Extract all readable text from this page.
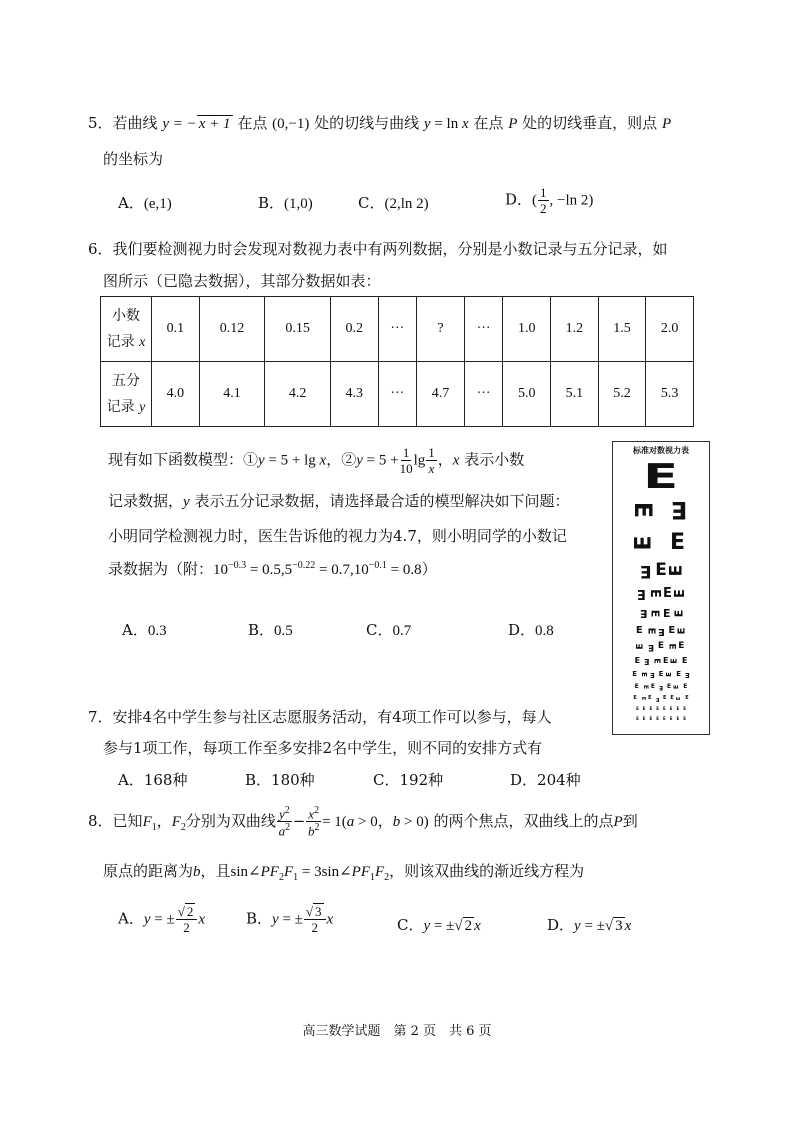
5．若曲线 y = − x + 1 在点 (0,−1) 处的切线与曲线 y = ln x 在点 P 处的切线垂直，则点 P
的坐标为
A．(e,1)	B．(1,0)	C．(2,ln 2)	D．( $\frac{1}{2}$ , −ln 2)
6．我们要检测视力时会发现对数视力表中有两列数据，分别是小数记录与五分记录，如
图所示（已隐去数据），其部分数据如表：
小数
记录 x	0.1	0.12	0.15	0.2	···	?	···	1.0	1.2	1.5	2.0
五分
记录 y	4.0	4.1	4.2	4.3	···	4.7	···	5.0	5.1	5.2	5.3
现有如下函数模型：①y = 5 + lg x，②y = $5 + \frac{1}{10}$ $\lg \frac{1}{x}$ ，x 表示小数
记录数据，y 表示五分记录数据，请选择最合适的模型解决如下问题：
小明同学检测视力时，医生告诉他的视力为4.7，则小明同学的小数记
录数据为（附：$10^{-0.3} = 0.5,5^{-0.22} = 0.7,10^{-0.1} = 0.8$）
A．0.3	B．0.5	C．0.7	D．0.8
标准对数视力表
E
E E
E E
E E E
E E E E
E E E E
E E E E E
E E E E E
E E E E E E
E E E E E E E
E E E E E E E
E E E E E E E E
E E E E E E E E
E E E E E E E E
7．安排4名中学生参与社区志愿服务活动，有4项工作可以参与，每人
参与1项工作，每项工作至多安排2名中学生，则不同的安排方式有
A．168种	B．180种	C．192种	D．204种
8．已知$F_1$，$F_2$分别为双曲线 $\frac{y^2}{a^2} - \frac{x^2}{b^2} = 1(a > 0$，b > 0) 的两个焦点，双曲线上的点P到
原点的距离为b，且$\sin\angle PF_2F_1$ = $3\sin\angle PF_1F_2$，则该双曲线的渐近线方程为
A．y = ± $\frac{√ 2}{2}$ x	B．y = ± $\frac{√ 3}{2}$ x	C．y = ±√ 2 x	D．y = ±√ 3 x
高三数学试题　第 2 页　共 6 页
